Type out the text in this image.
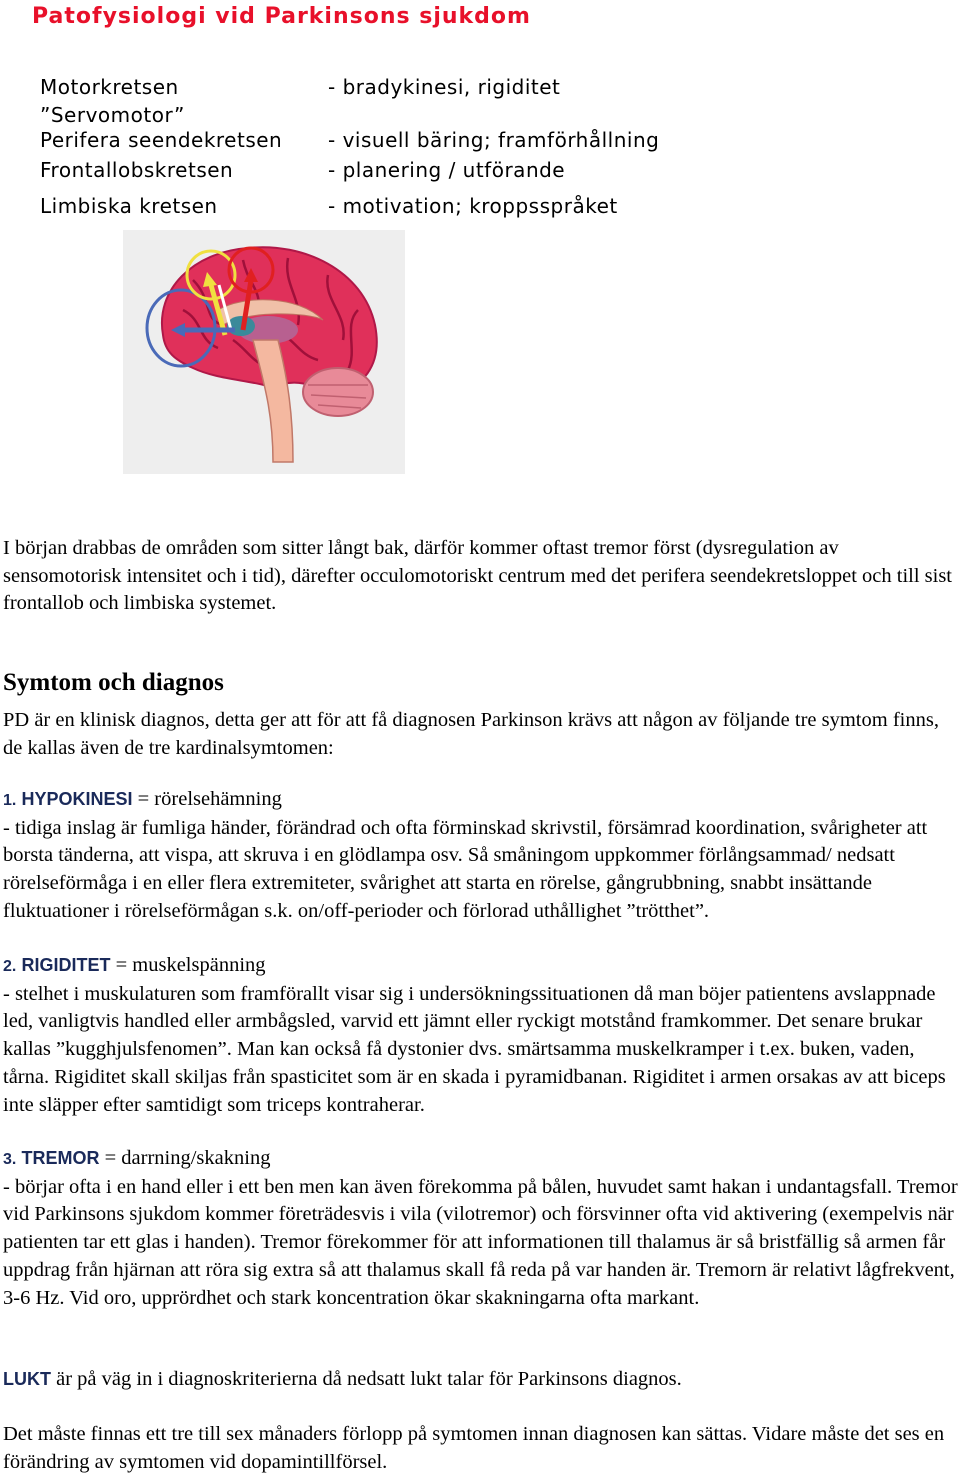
Patofysiologi vid Parkinsons sjukdom
Motorkretsen	- bradykinesi, rigiditet
”Servomotor”
Perifera seendekretsen - visuell bäring; framförhållning
Frontallobskretsen	- planering / utförande
Limbiska kretsen	- motivation; kroppsspråket
I början drabbas de områden som sitter långt bak, därför kommer oftast tremor först (dysregulation av sensomotorisk intensitet och i tid), därefter occulomotoriskt centrum med det perifera seendekretsloppet och till sist frontallob och limbiska systemet.
Symtom och diagnos
PD är en klinisk diagnos, detta ger att för att få diagnosen Parkinson krävs att någon av följande tre symtom finns, de kallas även de tre kardinalsymtomen:
1. HYPOKINESI = rörelsehämning
- tidiga inslag är fumliga händer, förändrad och ofta förminskad skrivstil, försämrad koordination, svårigheter att borsta tänderna, att vispa, att skruva i en glödlampa osv. Så småningom uppkommer förlångsammad/ nedsatt rörelseförmåga i en eller flera extremiteter, svårighet att starta en rörelse, gångrubbning, snabbt insättande fluktuationer i rörelseförmågan s.k. on/off-perioder och förlorad uthållighet ”trötthet”.
2. RIGIDITET = muskelspänning
- stelhet i muskulaturen som framförallt visar sig i undersökningssituationen då man böjer patientens avslappnade led, vanligtvis handled eller armbågsled, varvid ett jämnt eller ryckigt motstånd framkommer. Det senare brukar kallas ”kugghjulsfenomen”. Man kan också få dystonier dvs. smärtsamma muskelkramper i t.ex. buken, vaden, tårna. Rigiditet skall skiljas från spasticitet som är en skada i pyramidbanan. Rigiditet i armen orsakas av att biceps inte släpper efter samtidigt som triceps kontraherar.
3. TREMOR = darrning/skakning
- börjar ofta i en hand eller i ett ben men kan även förekomma på bålen, huvudet samt hakan i undantagsfall. Tremor vid Parkinsons sjukdom kommer företrädesvis i vila (vilotremor) och försvinner ofta vid aktivering (exempelvis när patienten tar ett glas i handen). Tremor förekommer för att informationen till thalamus är så bristfällig så armen får uppdrag från hjärnan att röra sig extra så att thalamus skall få reda på var handen är. Tremorn är relativt lågfrekvent, 3-6 Hz. Vid oro, upprördhet och stark koncentration ökar skakningarna ofta markant.
LUKT är på väg in i diagnoskriterierna då nedsatt lukt talar för Parkinsons diagnos.
Det måste finnas ett tre till sex månaders förlopp på symtomen innan diagnosen kan sättas. Vidare måste det ses en förändring av symtomen vid dopamintillförsel.
